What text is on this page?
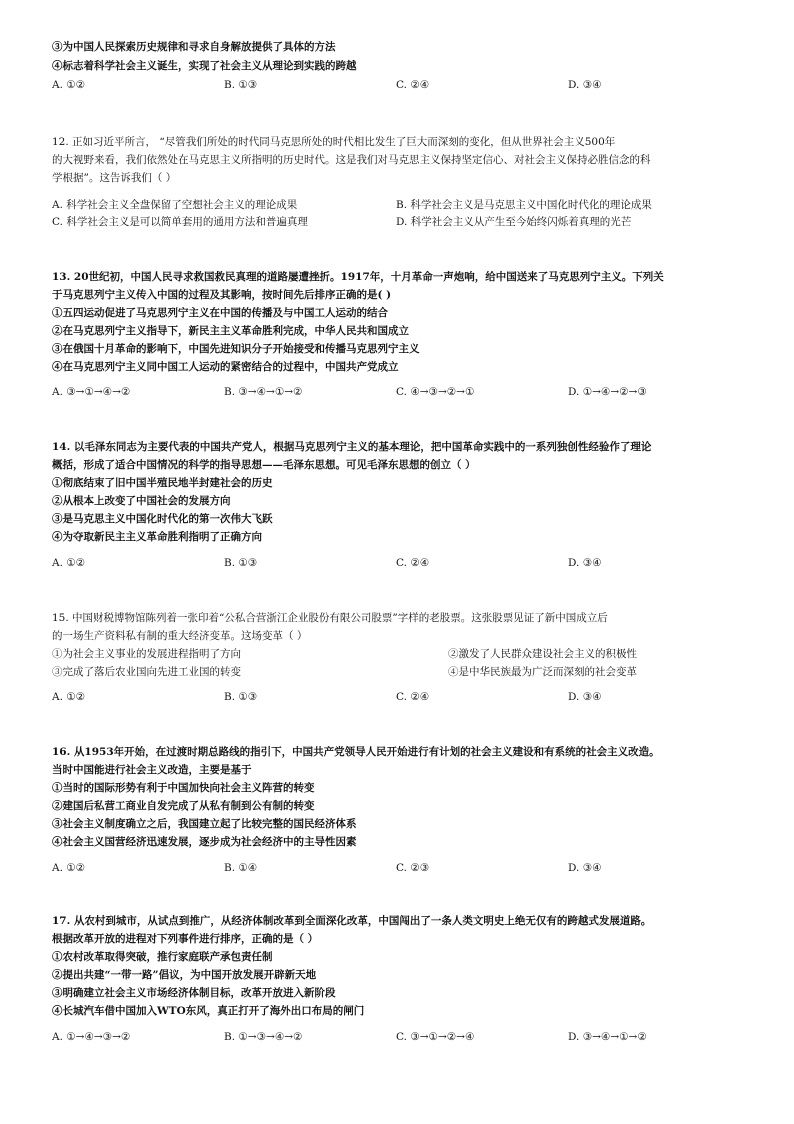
③为中国人民探索历史规律和寻求自身解放提供了具体的方法
④标志着科学社会主义诞生，实现了社会主义从理论到实践的跨越
A. ①②	B. ①③	C. ②④	D. ③④
12. 正如习近平所言， “尽管我们所处的时代同马克思所处的时代相比发生了巨大而深刻的变化，但从世界社会主义500年
的大视野来看，我们依然处在马克思主义所指明的历史时代。这是我们对马克思主义保持坚定信心、对社会主义保持必胜信念的科
学根据”。这告诉我们（ ）
A. 科学社会主义全盘保留了空想社会主义的理论成果	B. 科学社会主义是马克思主义中国化时代化的理论成果
C. 科学社会主义是可以简单套用的通用方法和普遍真理	D. 科学社会主义从产生至今始终闪烁着真理的光芒
13. 20世纪初，中国人民寻求救国救民真理的道路屡遭挫折。1917年，十月革命一声炮响，给中国送来了马克思列宁主义。下列关
于马克思列宁主义传入中国的过程及其影响，按时间先后排序正确的是( )
①五四运动促进了马克思列宁主义在中国的传播及与中国工人运动的结合
②在马克思列宁主义指导下，新民主主义革命胜利完成，中华人民共和国成立
③在俄国十月革命的影响下，中国先进知识分子开始接受和传播马克思列宁主义
④在马克思列宁主义同中国工人运动的紧密结合的过程中，中国共产党成立
A. ③→①→④→②	B. ③→④→①→②	C. ④→③→②→①	D. ①→④→②→③
14. 以毛泽东同志为主要代表的中国共产党人，根据马克思列宁主义的基本理论，把中国革命实践中的一系列独创性经验作了理论
概括，形成了适合中国情况的科学的指导思想——毛泽东思想。可见毛泽东思想的创立（ ）
①彻底结束了旧中国半殖民地半封建社会的历史
②从根本上改变了中国社会的发展方向
③是马克思主义中国化时代化的第一次伟大飞跃
④为夺取新民主主义革命胜利指明了正确方向
A. ①②	B. ①③	C. ②④	D. ③④
15. 中国财税博物馆陈列着一张印着“公私合营浙江企业股份有限公司股票”字样的老股票。这张股票见证了新中国成立后
的一场生产资料私有制的重大经济变革。这场变革（ ）
①为社会主义事业的发展进程指明了方向	②激发了人民群众建设社会主义的积极性
③完成了落后农业国向先进工业国的转变	④是中华民族最为广泛而深刻的社会变革
A. ①②	B. ①③	C. ②④	D. ③④
16. 从1953年开始，在过渡时期总路线的指引下，中国共产党领导人民开始进行有计划的社会主义建设和有系统的社会主义改造。
当时中国能进行社会主义改造，主要是基于
①当时的国际形势有利于中国加快向社会主义阵营的转变
②建国后私营工商业自发完成了从私有制到公有制的转变
③社会主义制度确立之后，我国建立起了比较完整的国民经济体系
④社会主义国营经济迅速发展，逐步成为社会经济中的主导性因素
A. ①②	B. ①④	C. ②③	D. ③④
17. 从农村到城市，从试点到推广，从经济体制改革到全面深化改革，中国闯出了一条人类文明史上绝无仅有的跨越式发展道路。
根据改革开放的进程对下列事件进行排序，正确的是（ ）
①农村改革取得突破，推行家庭联产承包责任制
②提出共建“一带一路”倡议，为中国开放发展开辟新天地
③明确建立社会主义市场经济体制目标，改革开放进入新阶段
④长城汽车借中国加入WTO东风，真正打开了海外出口布局的闸门
A. ①→④→③→②	B. ①→③→④→②	C. ③→①→②→④	D. ③→④→①→②
